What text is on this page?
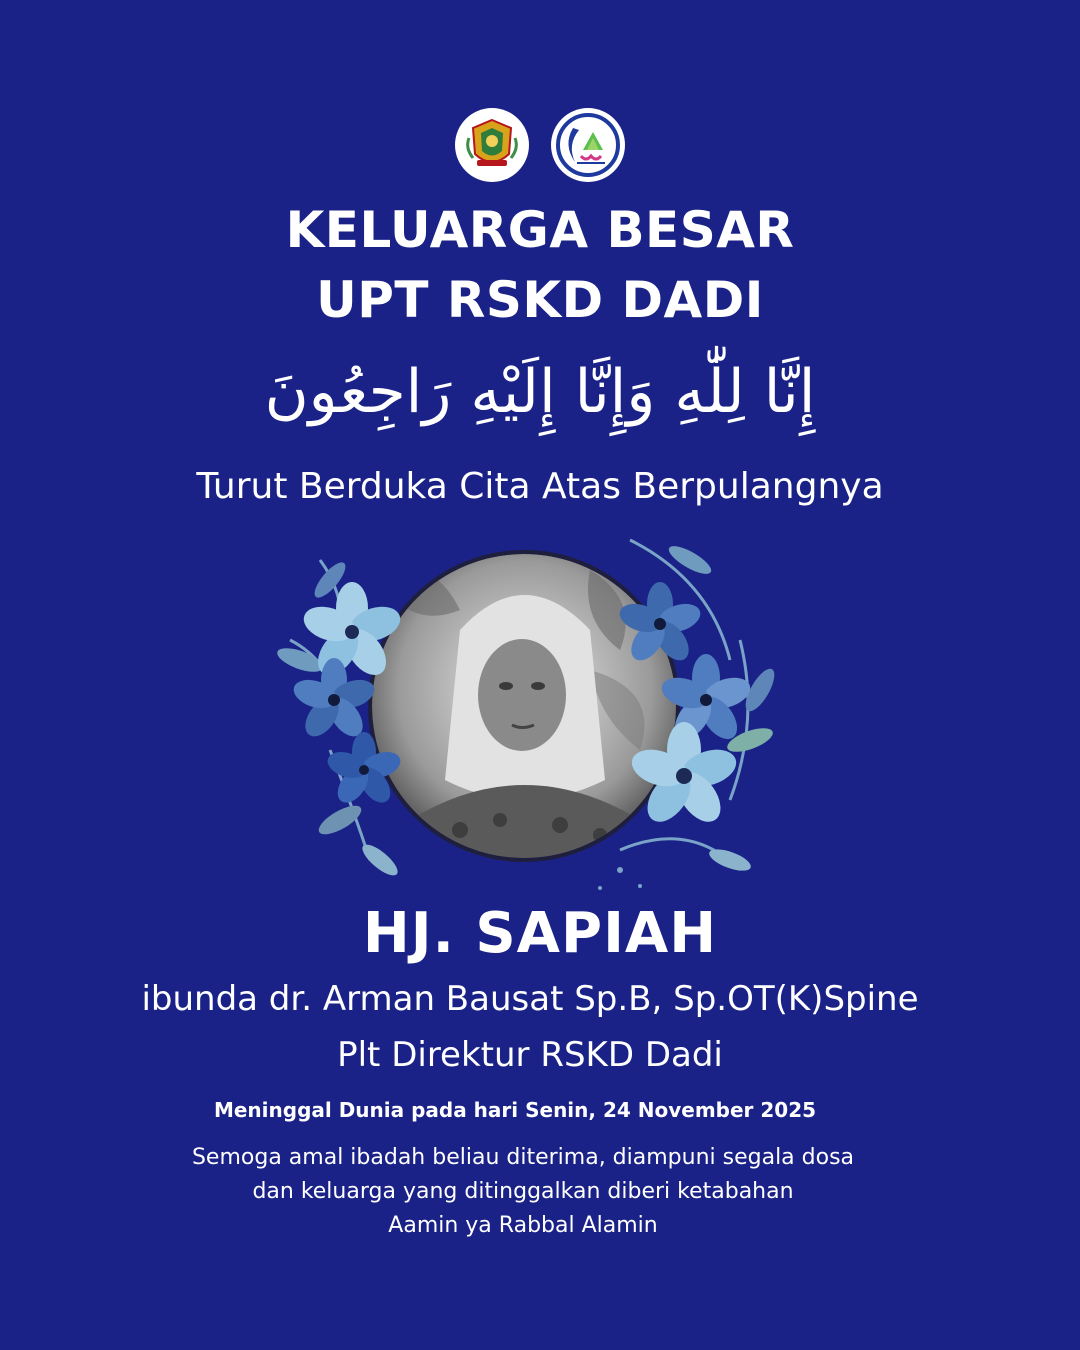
KELUARGA BESAR
UPT RSKD DADI
إِنَّا لِلّٰهِ وَإِنَّا إِلَيْهِ رَاجِعُونَ
Turut Berduka Cita Atas Berpulangnya
HJ. SAPIAH
ibunda dr. Arman Bausat Sp.B, Sp.OT(K)Spine
Plt Direktur RSKD Dadi
Meninggal Dunia pada hari Senin, 24 November 2025
Semoga amal ibadah beliau diterima, diampuni segala dosa
dan keluarga yang ditinggalkan diberi ketabahan
Aamin ya Rabbal Alamin
